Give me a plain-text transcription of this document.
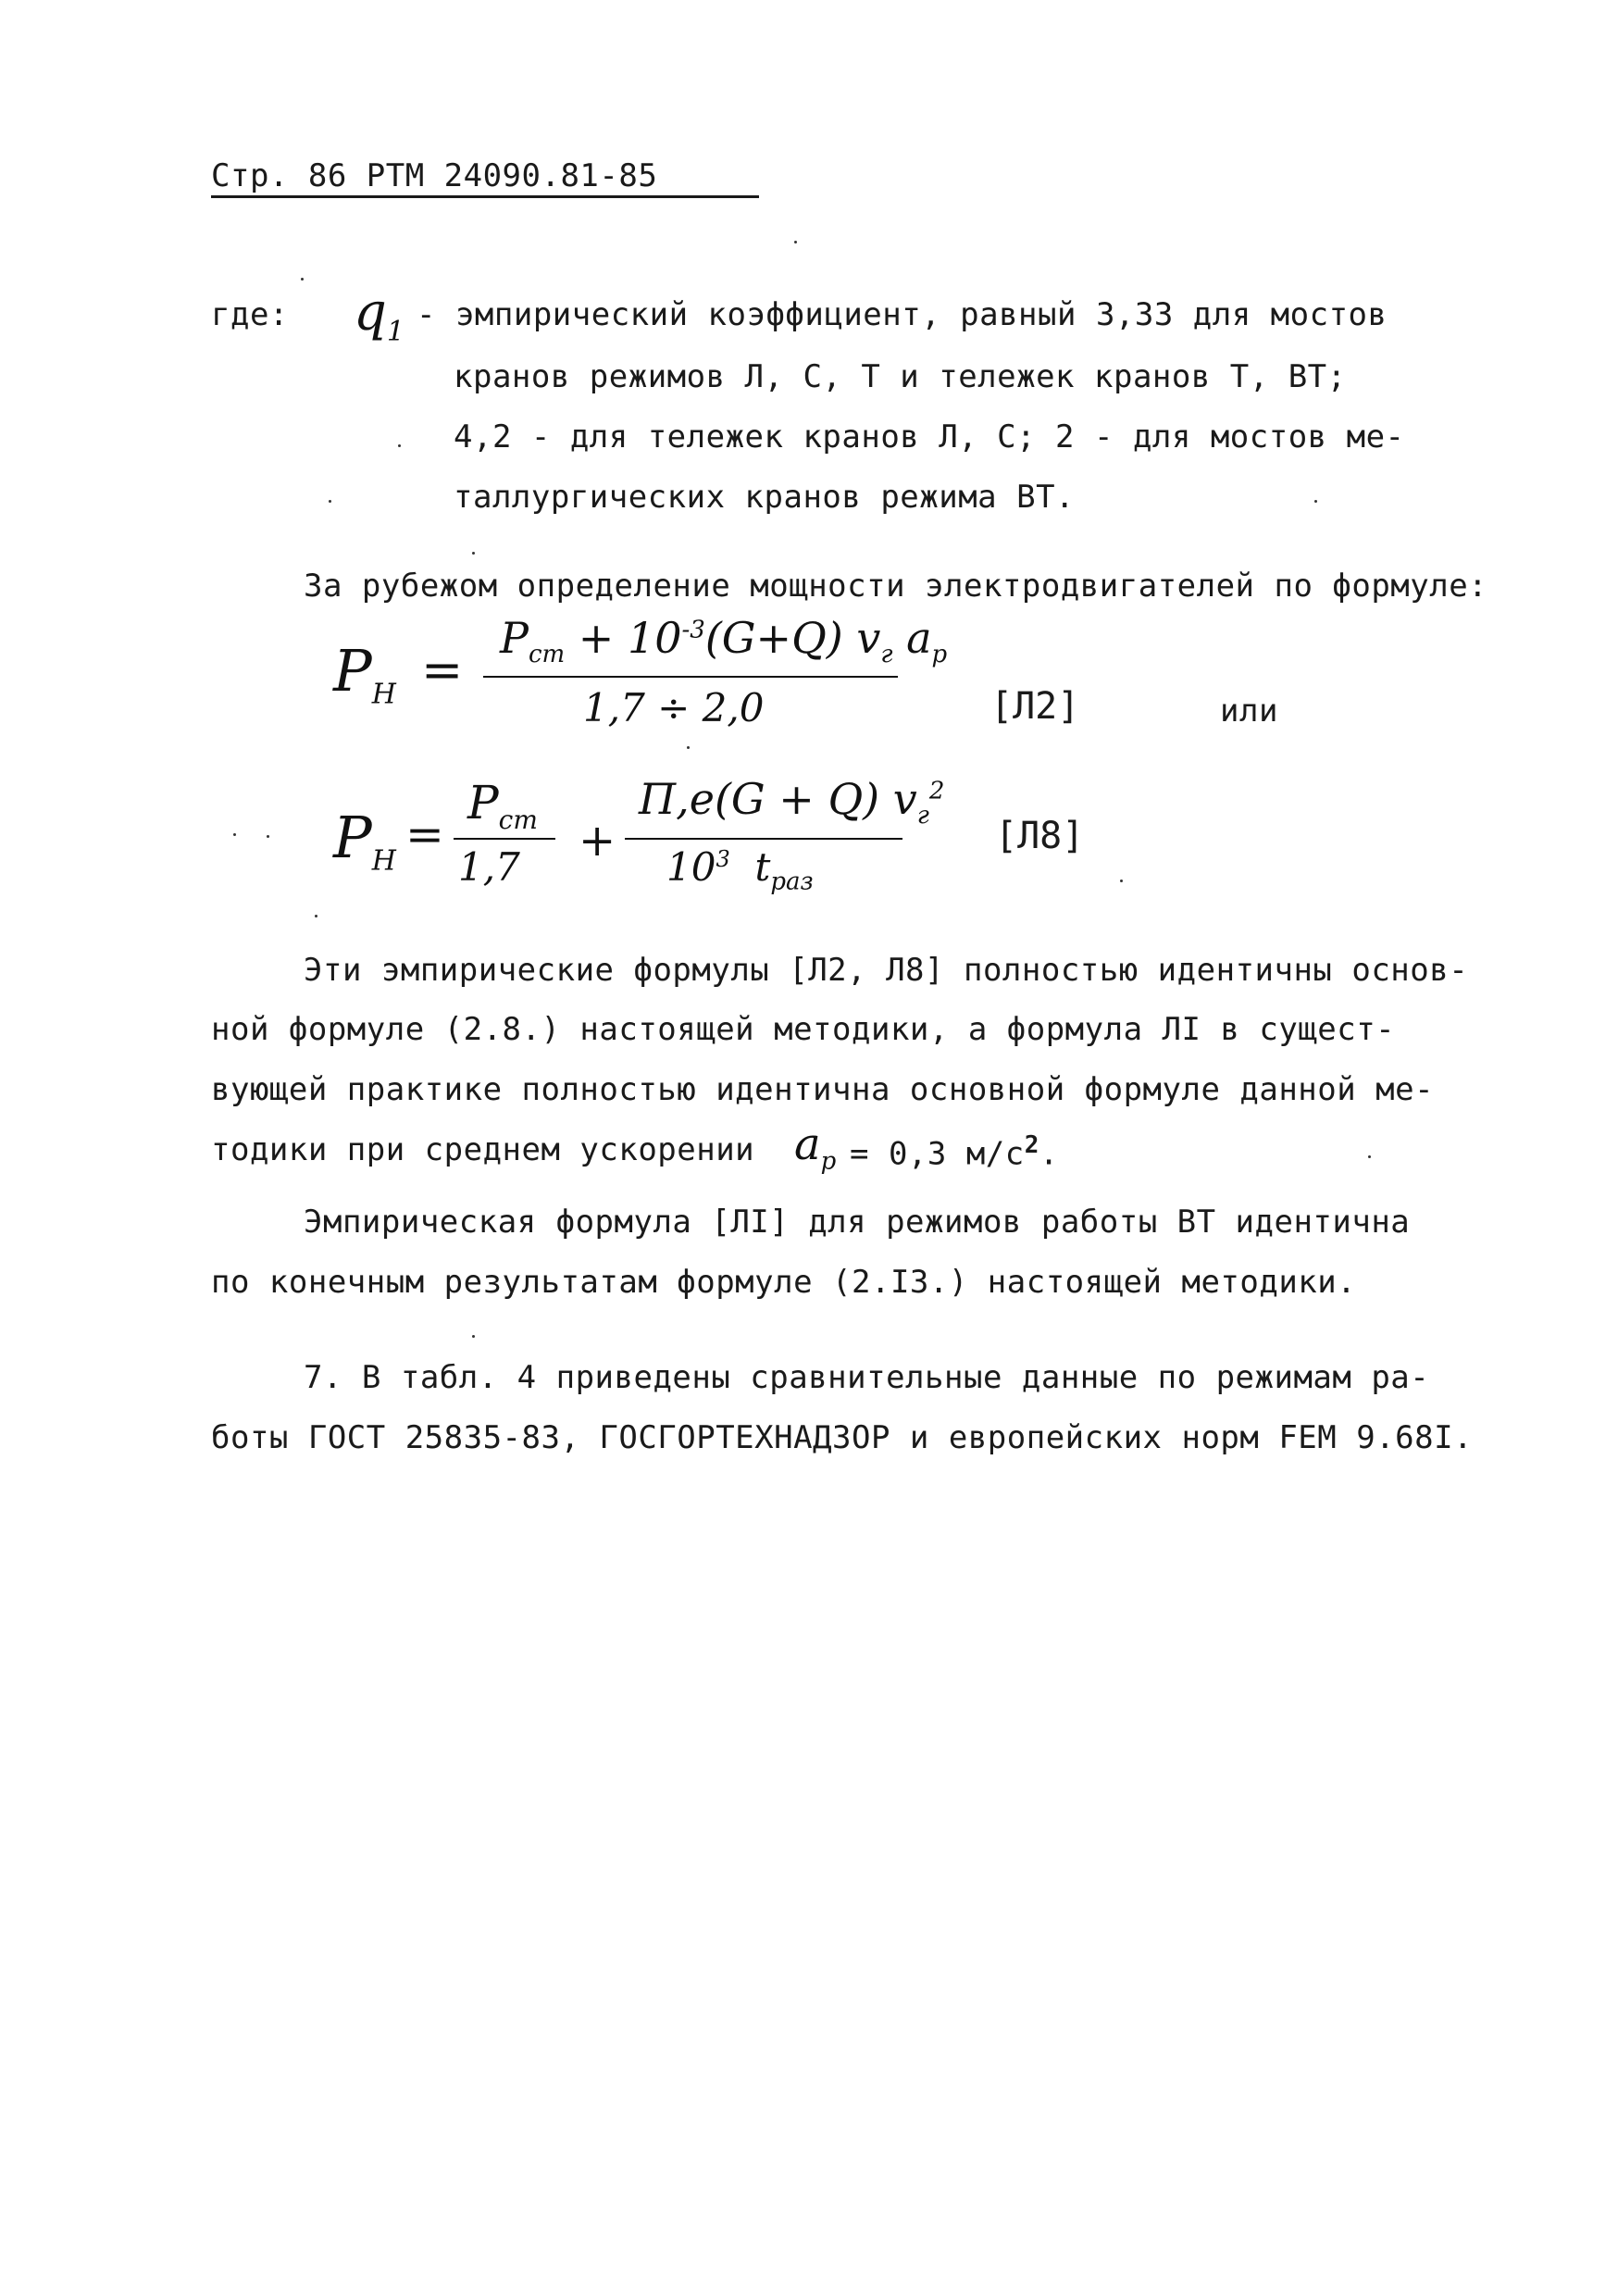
Стр. 86 РТМ 24090.81-85
где: $q_1$ - эмпирический коэффициент, равный 3,33 для мостов
кранов режимов Л, С, Т и тележек кранов Т, ВТ;
4,2 - для тележек кранов Л, С; 2 - для мостов ме-
таллургических кранов режима ВТ.
За рубежом определение мощности электродвигателей по формуле:
$P_Н$ =
$P_{ст} + 10^{-3}(G+Q)$ $v_г$ $a_р$
1,7 ÷ 2,0	[Л2]	или
$P_Н$ =
$P_{ст}$
1,7
+
П,е(G + Q) $v_г^2$
$10^3$ $t_{раз}$
[Л8]
Эти эмпирические формулы [Л2, Л8] полностью идентичны основ-
ной формуле (2.8.) настоящей методики, а формула ЛI в сущест-
вующей практике полностью идентична основной формуле данной ме-
тодики при среднем ускорении $a_р = 0,3$ $м/с^2$.
Эмпирическая формула [ЛI] для режимов работы ВТ идентична
по конечным результатам формуле (2.I3.) настоящей методики.
7. В табл. 4 приведены сравнительные данные по режимам ра-
боты ГОСТ 25835-83, ГОСГОРТЕХНАДЗОР и европейских норм FEM 9.68I.
